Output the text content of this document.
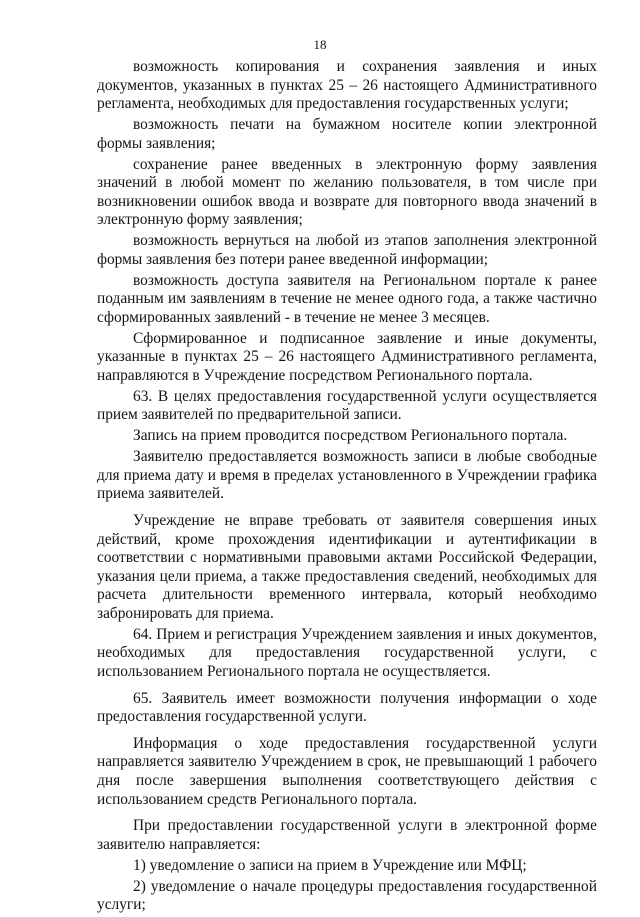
18

возможность копирования и сохранения заявления и иных документов, указанных в пунктах 25 – 26 настоящего Административного регламента, необходимых для предоставления государственных услуги;

возможность печати на бумажном носителе копии электронной формы заявления;

сохранение ранее введенных в электронную форму заявления значений в любой момент по желанию пользователя, в том числе при возникновении ошибок ввода и возврате для повторного ввода значений в электронную форму заявления;

возможность вернуться на любой из этапов заполнения электронной формы заявления без потери ранее введенной информации;

возможность доступа заявителя на Региональном портале к ранее поданным им заявлениям в течение не менее одного года, а также частично сформированных заявлений - в течение не менее 3 месяцев.

Сформированное и подписанное заявление и иные документы, указанные в пунктах 25 – 26 настоящего Административного регламента, направляются в Учреждение посредством Регионального портала.

63. В целях предоставления государственной услуги осуществляется прием заявителей по предварительной записи.

Запись на прием проводится посредством Регионального портала.

Заявителю предоставляется возможность записи в любые свободные для приема дату и время в пределах установленного в Учреждении графика приема заявителей.

Учреждение не вправе требовать от заявителя совершения иных действий, кроме прохождения идентификации и аутентификации в соответствии с нормативными правовыми актами Российской Федерации, указания цели приема, а также предоставления сведений, необходимых для расчета длительности временного интервала, который необходимо забронировать для приема.

64. Прием и регистрация Учреждением заявления и иных документов, необходимых для предоставления государственной услуги, с использованием Регионального портала не осуществляется.

65. Заявитель имеет возможности получения информации о ходе предоставления государственной услуги.

Информация о ходе предоставления государственной услуги направляется заявителю Учреждением в срок, не превышающий 1 рабочего дня после завершения выполнения соответствующего действия с использованием средств Регионального портала.

При предоставлении государственной услуги в электронной форме заявителю направляется:

1) уведомление о записи на прием в Учреждение или МФЦ;

2) уведомление о начале процедуры предоставления государственной услуги;
